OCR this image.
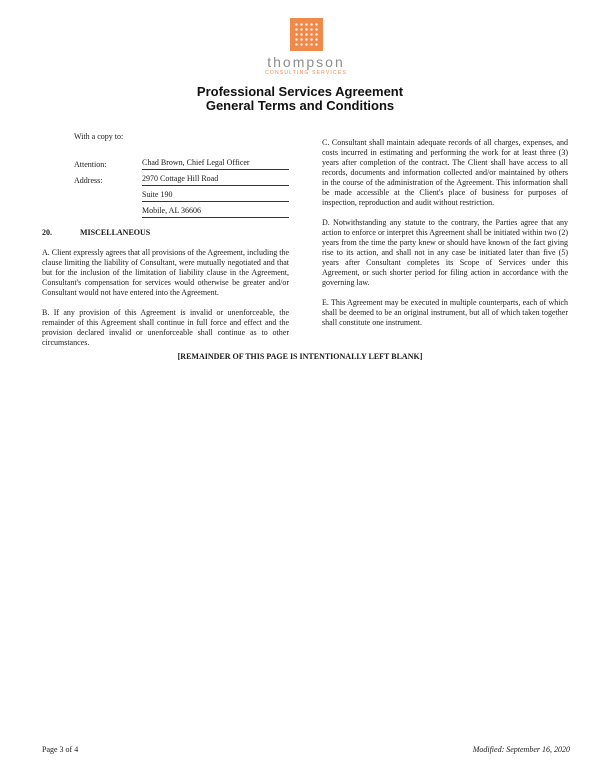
thompson
CONSULTING SERVICES
Professional Services Agreement
General Terms and Conditions
With a copy to:
Attention:	Chad Brown, Chief Legal Officer
Address:	2970 Cottage Hill Road
Suite 190
Mobile, AL 36606
20.	MISCELLANEOUS

A. Client expressly agrees that all provisions of the Agreement, including the clause limiting the liability of Consultant, were mutually negotiated and that but for the inclusion of the limitation of liability clause in the Agreement, Consultant's compensation for services would otherwise be greater and/or Consultant would not have entered into the Agreement.

B. If any provision of this Agreement is invalid or unenforceable, the remainder of this Agreement shall continue in full force and effect and the provision declared invalid or unenforceable shall continue as to other circumstances.

C. Consultant shall maintain adequate records of all charges, expenses, and costs incurred in estimating and performing the work for at least three (3) years after completion of the contract. The Client shall have access to all records, documents and information collected and/or maintained by others in the course of the administration of the Agreement. This information shall be made accessible at the Client's place of business for purposes of inspection, reproduction and audit without restriction.

D. Notwithstanding any statute to the contrary, the Parties agree that any action to enforce or interpret this Agreement shall be initiated within two (2) years from the time the party knew or should have known of the fact giving rise to its action, and shall not in any case be initiated later than five (5) years after Consultant completes its Scope of Services under this Agreement, or such shorter period for filing action in accordance with the governing law.

E. This Agreement may be executed in multiple counterparts, each of which shall be deemed to be an original instrument, but all of which taken together shall constitute one instrument.

[REMAINDER OF THIS PAGE IS INTENTIONALLY LEFT BLANK]
Page 3 of 4	Modified: September 16, 2020
